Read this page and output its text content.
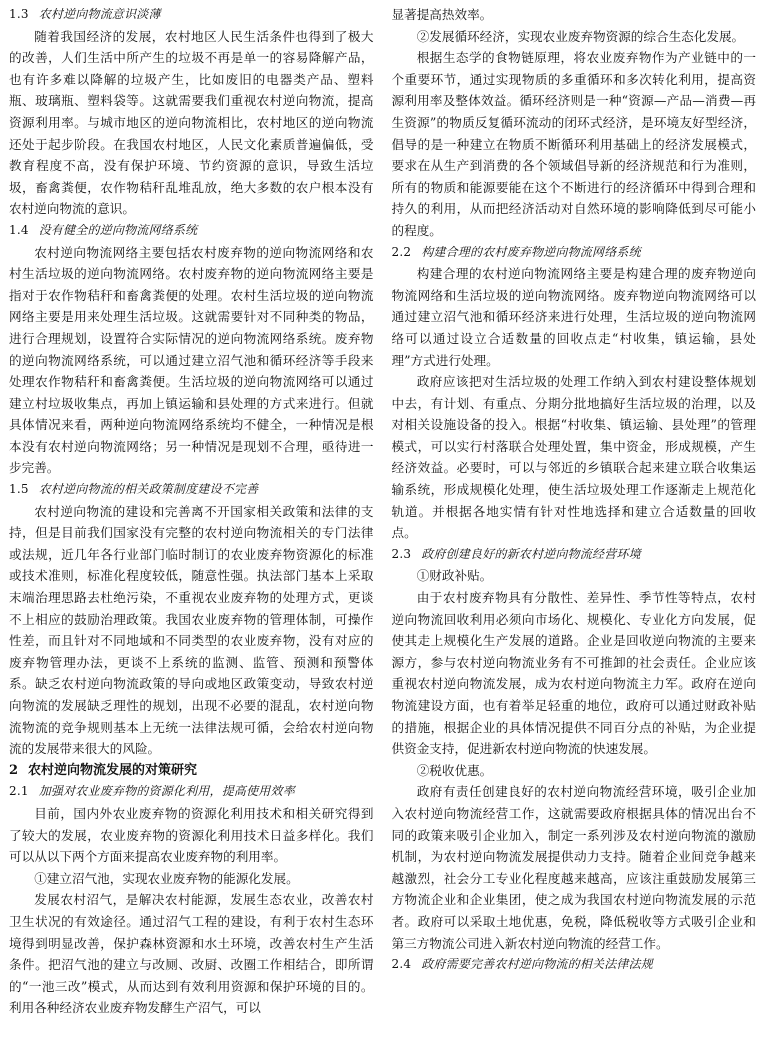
1.3 农村逆向物流意识淡薄

随着我国经济的发展，农村地区人民生活条件也得到了极大的改善，人们生活中所产生的垃圾不再是单一的容易降解产品，也有许多难以降解的垃圾产生，比如废旧的电器类产品、塑料瓶、玻璃瓶、塑料袋等。这就需要我们重视农村逆向物流，提高资源利用率。与城市地区的逆向物流相比，农村地区的逆向物流还处于起步阶段。在我国农村地区，人民文化素质普遍偏低，受教育程度不高，没有保护环境、节约资源的意识，导致生活垃圾，畜禽粪便，农作物秸秆乱堆乱放，绝大多数的农户根本没有农村逆向物流的意识。

1.4 没有健全的逆向物流网络系统

农村逆向物流网络主要包括农村废弃物的逆向物流网络和农村生活垃圾的逆向物流网络。农村废弃物的逆向物流网络主要是指对于农作物秸秆和畜禽粪便的处理。农村生活垃圾的逆向物流网络主要是用来处理生活垃圾。这就需要针对不同种类的物品，进行合理规划，设置符合实际情况的逆向物流网络系统。废弃物的逆向物流网络系统，可以通过建立沼气池和循环经济等手段来处理农作物秸秆和畜禽粪便。生活垃圾的逆向物流网络可以通过建立村垃圾收集点，再加上镇运输和县处理的方式来进行。但就具体情况来看，两种逆向物流网络系统均不健全，一种情况是根本没有农村逆向物流网络；另一种情况是现划不合理，亟待进一步完善。

1.5 农村逆向物流的相关政策制度建设不完善

农村逆向物流的建设和完善离不开国家相关政策和法律的支持，但是目前我们国家没有完整的农村逆向物流相关的专门法律或法规，近几年各行业部门临时制订的农业废弃物资源化的标准或技术准则，标准化程度较低，随意性强。执法部门基本上采取末端治理思路去杜绝污染，不重视农业废弃物的处理方式，更谈不上相应的鼓励治理政策。我国农业废弃物的管理体制，可操作性差，而且针对不同地域和不同类型的农业废弃物，没有对应的废弃物管理办法，更谈不上系统的监测、监管、预测和预警体系。缺乏农村逆向物流政策的导向或地区政策变动，导致农村逆向物流的发展缺乏理性的规划，出现不必要的混乱，农村逆向物流物流的竞争规则基本上无统一法律法规可循，会给农村逆向物流的发展带来很大的风险。

2 农村逆向物流发展的对策研究

2.1 加强对农业废弃物的资源化利用，提高使用效率

目前，国内外农业废弃物的资源化利用技术和相关研究得到了较大的发展，农业废弃物的资源化利用技术日益多样化。我们可以从以下两个方面来提高农业废弃物的利用率。

①建立沼气池，实现农业废弃物的能源化发展。

发展农村沼气，是解决农村能源，发展生态农业，改善农村卫生状况的有效途径。通过沼气工程的建设，有利于农村生态环境得到明显改善，保护森林资源和水土环境，改善农村生产生活条件。把沼气池的建立与改厕、改厨、改圈工作相结合，即所谓的“一池三改”模式，从而达到有效利用资源和保护环境的目的。利用各种经济农业废弃物发酵生产沼气，可以

显著提高热效率。

②发展循环经济，实现农业废弃物资源的综合生态化发展。

根据生态学的食物链原理，将农业废弃物作为产业链中的一个重要环节，通过实现物质的多重循环和多次转化利用，提高资源利用率及整体效益。循环经济则是一种“资源—产品—消费—再生资源”的物质反复循环流动的闭环式经济，是环境友好型经济，倡导的是一种建立在物质不断循环利用基础上的经济发展模式，要求在从生产到消费的各个领域倡导新的经济规范和行为准则，所有的物质和能源要能在这个不断进行的经济循环中得到合理和持久的利用，从而把经济活动对自然环境的影响降低到尽可能小的程度。

2.2 构建合理的农村废弃物逆向物流网络系统

构建合理的农村逆向物流网络主要是构建合理的废弃物逆向物流网络和生活垃圾的逆向物流网络。废弃物逆向物流网络可以通过建立沼气池和循环经济来进行处理，生活垃圾的逆向物流网络可以通过设立合适数量的回收点走“村收集，镇运输，县处理”方式进行处理。

政府应该把对生活垃圾的处理工作纳入到农村建设整体规划中去，有计划、有重点、分期分批地搞好生活垃圾的治理，以及对相关设施设备的投入。根据“村收集、镇运输、县处理”的管理模式，可以实行村落联合处理处置，集中资金，形成规模，产生经济效益。必要时，可以与邻近的乡镇联合起来建立联合收集运输系统，形成规模化处理，使生活垃圾处理工作逐渐走上规范化轨道。并根据各地实情有针对性地选择和建立合适数量的回收点。

2.3 政府创建良好的新农村逆向物流经营环境

①财政补贴。

由于农村废弃物具有分散性、差异性、季节性等特点，农村逆向物流回收利用必须向市场化、规模化、专业化方向发展，促使其走上规模化生产发展的道路。企业是回收逆向物流的主要来源方，参与农村逆向物流业务有不可推卸的社会责任。企业应该重视农村逆向物流发展，成为农村逆向物流主力军。政府在逆向物流建设方面，也有着举足轻重的地位，政府可以通过财政补贴的措施，根据企业的具体情况提供不同百分点的补贴，为企业提供资金支持，促进新农村逆向物流的快速发展。

②税收优惠。

政府有责任创建良好的农村逆向物流经营环境，吸引企业加入农村逆向物流经营工作，这就需要政府根据具体的情况出台不同的政策来吸引企业加入，制定一系列涉及农村逆向物流的激励机制，为农村逆向物流发展提供动力支持。随着企业间竞争越来越激烈，社会分工专业化程度越来越高，应该注重鼓励发展第三方物流企业和企业集团，使之成为我国农村逆向物流发展的示范者。政府可以采取土地优惠，免税，降低税收等方式吸引企业和第三方物流公司进入新农村逆向物流的经营工作。

2.4 政府需要完善农村逆向物流的相关法律法规
